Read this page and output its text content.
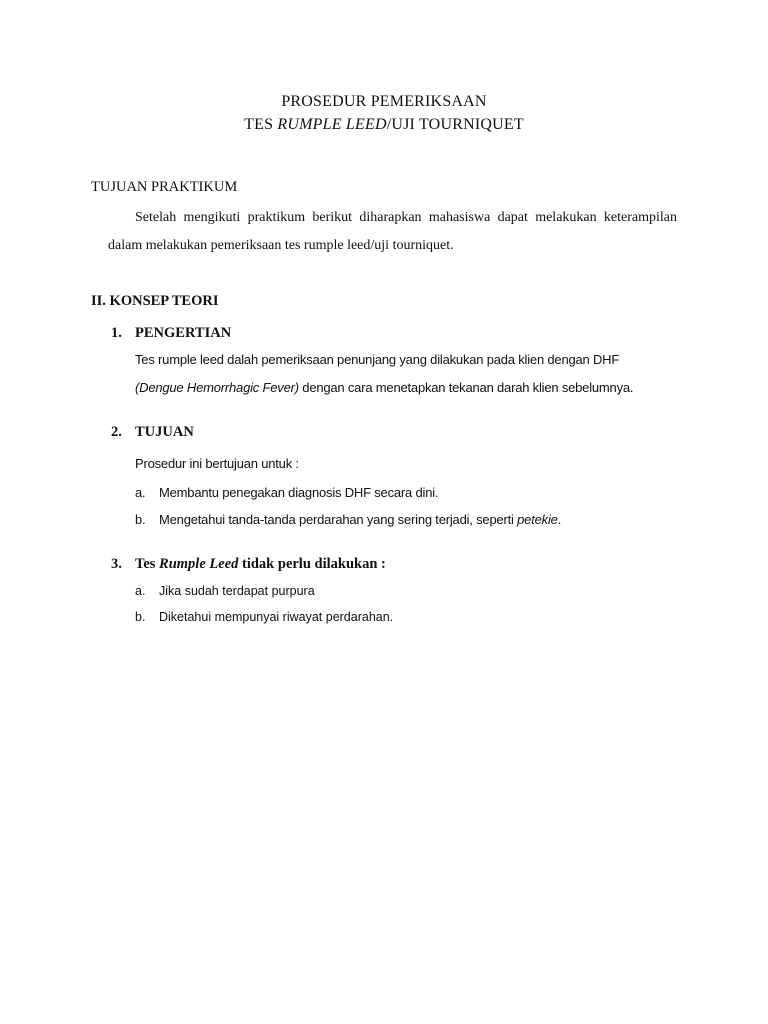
PROSEDUR PEMERIKSAAN
TES RUMPLE LEED/UJI TOURNIQUET
TUJUAN PRAKTIKUM
Setelah mengikuti praktikum berikut diharapkan mahasiswa dapat melakukan keterampilan dalam melakukan pemeriksaan tes rumple leed/uji tourniquet.
II. KONSEP TEORI
1. PENGERTIAN
Tes rumple leed dalah pemeriksaan penunjang yang dilakukan pada klien dengan DHF
(Dengue Hemorrhagic Fever) dengan cara menetapkan tekanan darah klien sebelumnya.
2. TUJUAN
Prosedur ini bertujuan untuk :
a. Membantu penegakan diagnosis DHF secara dini.
b. Mengetahui tanda-tanda perdarahan yang sering terjadi, seperti petekie.
3. Tes Rumple Leed tidak perlu dilakukan :
a. Jika sudah terdapat purpura
b. Diketahui mempunyai riwayat perdarahan.
